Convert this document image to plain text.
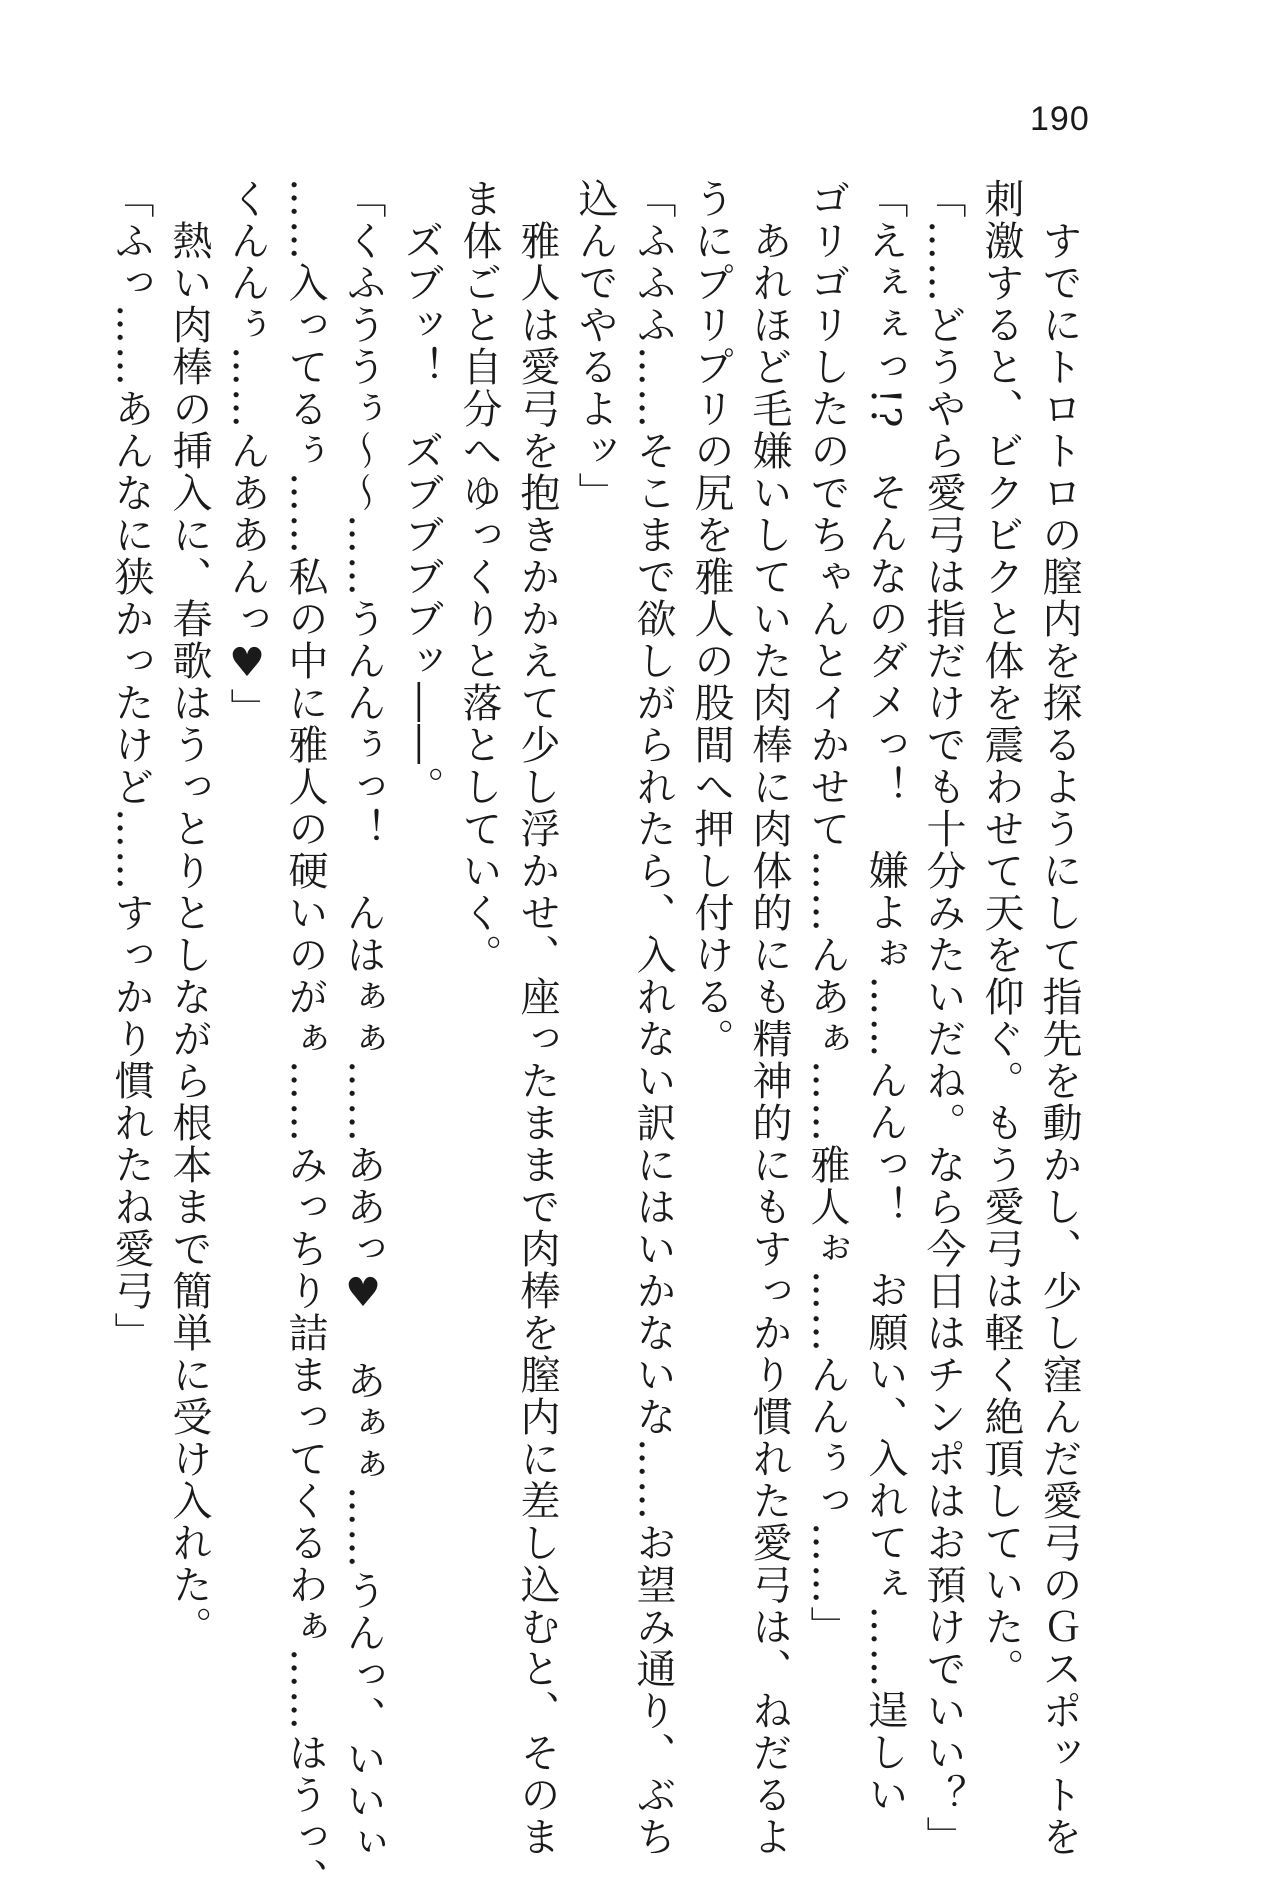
190
　すでにトロトロの膣内を探るようにして指先を動かし、少し窪んだ愛弓のＧスポットを
刺激すると、ビクビクと体を震わせて天を仰ぐ。もう愛弓は軽く絶頂していた。
「……どうやら愛弓は指だけでも十分みたいだね。なら今日はチンポはお預けでいい？」
「えぇぇっ!?　そんなのダメっ！　嫌よぉ……んんっ！　お願い、入れてぇ……逞しい
ゴリゴリしたのでちゃんとイかせて……んあぁ……雅人ぉ……んんぅっ……」
　あれほど毛嫌いしていた肉棒に肉体的にも精神的にもすっかり慣れた愛弓は、ねだるよ
うにプリプリの尻を雅人の股間へ押し付ける。
「ふふふ……そこまで欲しがられたら、入れない訳にはいかないな……お望み通り、ぶち
込んでやるよッ」
　雅人は愛弓を抱きかかえて少し浮かせ、座ったままで肉棒を膣内に差し込むと、そのま
ま体ごと自分へゆっくりと落としていく。
　ズブッ！　ズブブブブッ――。
「くふううぅ〜〜……うんんぅっ！　んはぁぁ……ああっ♥　あぁぁ……うんっ、いいぃ
……入ってるぅ……私の中に雅人の硬いのがぁ……みっちり詰まってくるわぁ……はうっ、
くんんぅ……んああんっ♥」
　熱い肉棒の挿入に、春歌はうっとりとしながら根本まで簡単に受け入れた。
「ふっ……あんなに狭かったけど……すっかり慣れたね愛弓」
